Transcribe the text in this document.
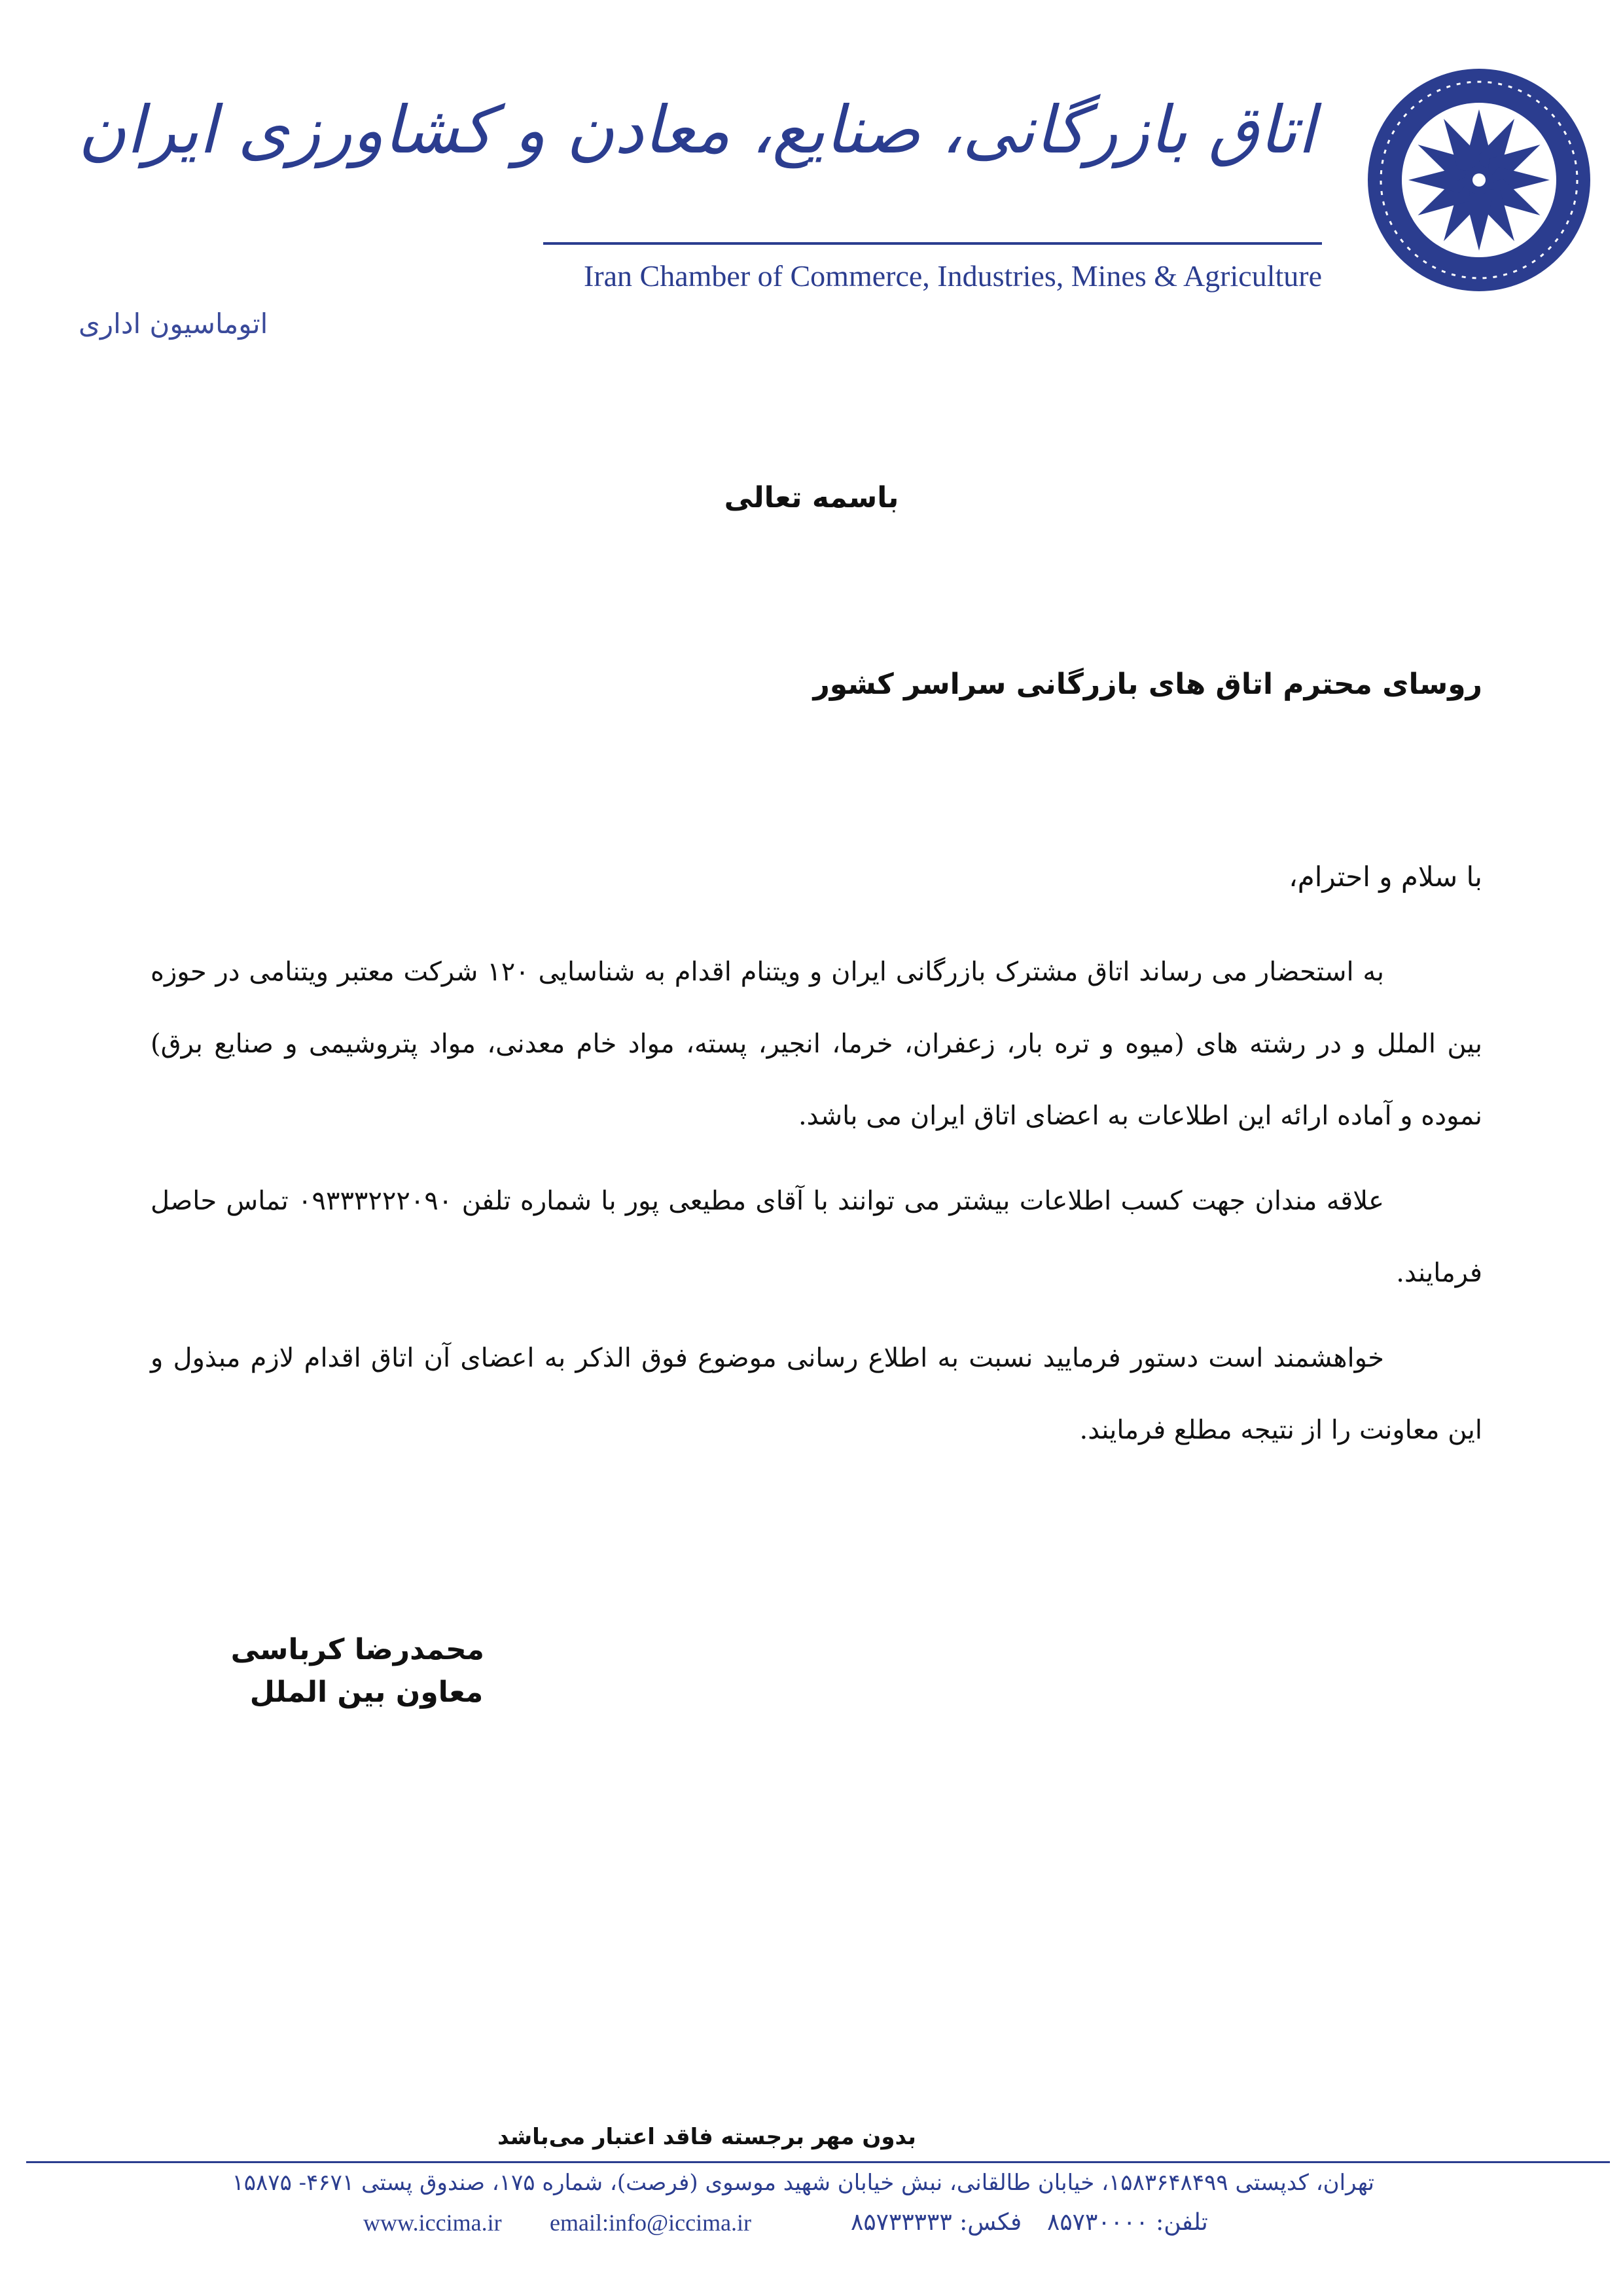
اتاق بازرگانی، صنایع، معادن و کشاورزی ایران
Iran Chamber of Commerce, Industries, Mines & Agriculture
اتوماسیون اداری
باسمه تعالی
روسای محترم اتاق های بازرگانی سراسر کشور
با سلام و احترام،
به استحضار می رساند اتاق مشترک بازرگانی ایران و ویتنام اقدام به شناسایی ۱۲۰ شرکت معتبر ویتنامی در حوزه بین الملل و در رشته های (میوه و تره بار، زعفران، خرما، انجیر، پسته، مواد خام معدنی، مواد پتروشیمی و صنایع برق) نموده و آماده ارائه این اطلاعات به اعضای اتاق ایران می باشد.
علاقه مندان جهت کسب اطلاعات بیشتر می توانند با آقای مطیعی پور با شماره تلفن ۰۹۳۳۳۲۲۲۰۹۰ تماس حاصل فرمایند.
خواهشمند است دستور فرمایید نسبت به اطلاع رسانی موضوع فوق الذکر به اعضای آن اتاق اقدام لازم مبذول و این معاونت را از نتیجه مطلع فرمایند.
محمدرضا کرباسی
معاون بین الملل
بدون مهر برجسته فاقد اعتبار می‌باشد
تهران، کدپستی ۱۵۸۳۶۴۸۴۹۹، خیابان طالقانی، نبش خیابان شهید موسوی (فرصت)، شماره ۱۷۵، صندوق پستی ۴۶۷۱- ۱۵۸۷۵
www.iccima.ir email:info@iccima.ir	فکس: ۸۵۷۳۳۳۳۳ تلفن: ۸۵۷۳۰۰۰۰
